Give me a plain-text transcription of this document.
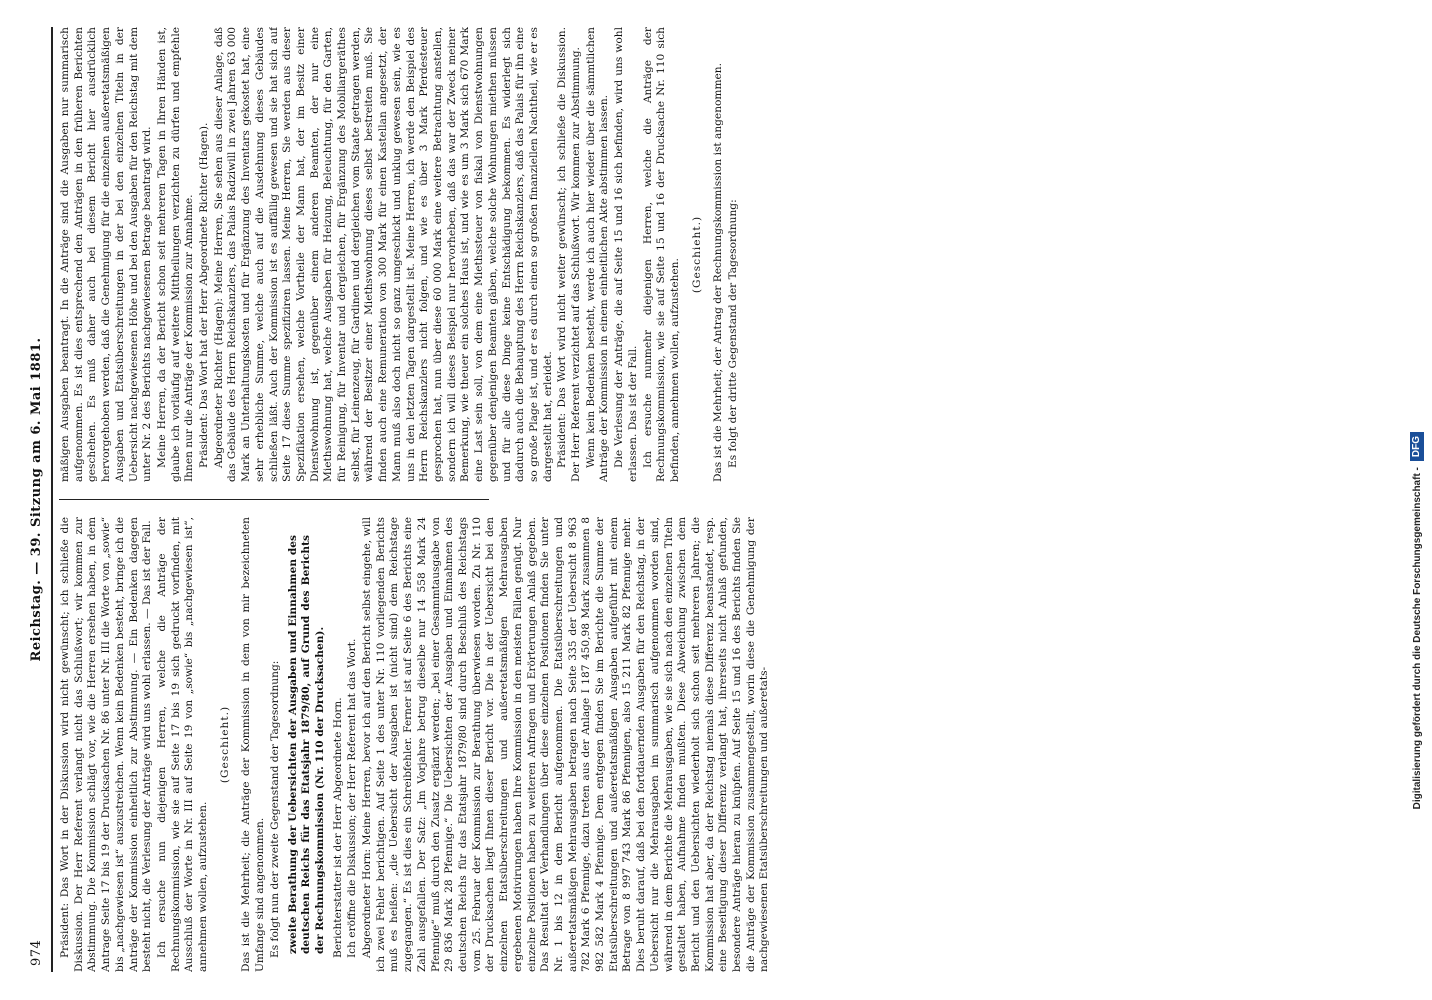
974
Reichstag. — 39. Sitzung am 6. Mai 1881.

Präsident: Das Wort in der Diskussion wird nicht gewünscht; ich schließe die Diskussion. Der Herr Referent verlangt nicht das Schlußwort; wir kommen zur Abstimmung. Die Kommission schlägt vor, wie die Herren ersehen haben, in dem Antrage Seite 17 bis 19 der Drucksachen Nr. 86 unter Nr. III die Worte von „sowie“ bis „nachgewiesen ist“ auszustreichen. Wenn kein Bedenken besteht, bringe ich die Anträge der Kommission einheitlich zur Abstimmung. — Ein Bedenken dagegen besteht nicht, die Verlesung der Anträge wird uns wohl erlassen. — Das ist der Fall. Ich ersuche nun diejenigen Herren, welche die Anträge der Rechnungskommission, wie sie auf Seite 17 bis 19 sich gedruckt vorfinden, mit Ausschluß der Worte in Nr. III auf Seite 19 von „sowie“ bis „nachgewiesen ist“, annehmen wollen, aufzustehen.

(Geschieht.) Das ist die Mehrheit; die Anträge der Kommission in dem von mir bezeichneten Umfange sind angenommen. Es folgt nun der zweite Gegenstand der Tagesordnung: zweite Berathung der Uebersichten der Ausgaben und Einnahmen des deutschen Reichs für das Etatsjahr 1879/80, auf Grund des Berichts der Rechnungskommission (Nr. 110 der Drucksachen). Berichterstatter ist der Herr Abgeordnete Horn. Ich eröffne die Diskussion; der Herr Referent hat das Wort. Abgeordneter Horn: Meine Herren, bevor ich auf den Bericht selbst eingehe, will ich zwei Fehler berichtigen. Auf Seite 1 des unter Nr. 110 vorliegenden Berichts muß es heißen: „die Uebersicht der Ausgaben ist (nicht sind) dem Reichstage zugegangen.“ Es ist dies ein Schreibfehler. Ferner ist auf Seite 6 des Berichts eine Zahl ausgefallen. Der Satz: „Im Vorjahre betrug dieselbe nur 14 558 Mark 24 Pfennige“ muß durch den Zusatz ergänzt werden; „bei einer Gesammtausgabe von 29 836 Mark 28 Pfennige.“ Die Uebersichten der Ausgaben und Einnahmen des deutschen Reichs für das Etatsjahr 1879/80 sind durch Beschluß des Reichstags vom 25. Februar der Kommission zur Berathung überwiesen worden. Zu Nr. 110 der Drucksachen liegt Ihnen dieser Bericht vor. Die in der Uebersicht bei den einzelnen Etatsüberschreitungen und außeretatsmäßigen Mehrausgaben ergebenen Motivirungen haben Ihre Kommission in den meisten Fällen genügt. Nur einzelne Positionen haben zu weiteren Anfragen und Erörterungen Anlaß gegeben. Das Resultat der Verhandlungen über diese einzelnen Positionen finden Sie unter Nr. 1 bis 12 in dem Bericht aufgenommen. Die Etatsüberschreitungen und außeretatsmäßigen Mehrausgaben betragen nach Seite 335 der Uebersicht 8 963 782 Mark 6 Pfennige, dazu treten aus der Anlage I 187 450,98 Mark zusammen 8 982 582 Mark 4 Pfennige. Dem entgegen finden Sie im Berichte die Summe der Etatsüberschreitungen und außeretatsmäßigen Ausgaben aufgeführt mit einem Betrage von 8 997 743 Mark 86 Pfennigen, also 15 211 Mark 82 Pfennige mehr. Dies beruht darauf, daß bei den fortdauernden Ausgaben für den Reichstag, in der Uebersicht nur die Mehrausgaben im summarisch aufgenommen worden sind, während in dem Berichte die Mehrausgaben, wie sie sich nach den einzelnen Titeln gestaltet haben, Aufnahme finden mußten. Diese Abweichung zwischen dem Bericht und den Uebersichten wiederholt sich schon seit mehreren Jahren; die Kommission hat aber, da der Reichstag niemals diese Differenz beanstandet, resp. eine Beseitigung dieser Differenz verlangt hat, ihrerseits nicht Anlaß gefunden, besondere Anträge hieran zu knüpfen. Auf Seite 15 und 16 des Berichts finden Sie die Anträge der Kommission zusammengestellt, worin diese die Genehmigung der nachgewiesenen Etatsüberschreitungen und außeretats-

mäßigen Ausgaben beantragt. In die Anträge sind die Ausgaben nur summarisch aufgenommen. Es ist dies entsprechend den Anträgen in den früheren Berichten geschehen. Es muß daher auch bei diesem Bericht hier ausdrücklich hervorgehoben werden, daß die Genehmigung für die einzelnen außeretatsmäßigen Ausgaben und Etatsüberschreitungen in der bei den einzelnen Titeln in der Uebersicht nachgewiesenen Höhe und bei den Ausgaben für den Reichstag mit dem unter Nr. 2 des Berichts nachgewiesenen Betrage beantragt wird. Meine Herren, da der Bericht schon seit mehreren Tagen in Ihren Händen ist, glaube ich vorläufig auf weitere Mittheilungen verzichten zu dürfen und empfehle Ihnen nur die Anträge der Kommission zur Annahme. Präsident: Das Wort hat der Herr Abgeordnete Richter (Hagen). Abgeordneter Richter (Hagen): Meine Herren, Sie sehen aus dieser Anlage, daß das Gebäude des Herrn Reichskanzlers, das Palais Radziwill in zwei Jahren 63 000 Mark an Unterhaltungskosten und für Ergänzung des Inventars gekostet hat, eine sehr erhebliche Summe, welche auch auf die Ausdehnung dieses Gebäudes schließen läßt. Auch der Kommission ist es auffällig gewesen und sie hat sich auf Seite 17 diese Summe spezifiziren lassen. Meine Herren, Sie werden aus dieser Spezifikation ersehen, welche Vortheile der Mann hat, der im Besitz einer Dienstwohnung ist, gegenüber einem anderen Beamten, der nur eine Miethswohnung hat, welche Ausgaben für Heizung, Beleuchtung, für den Garten, für Reinigung, für Inventar und dergleichen, für Ergänzung des Mobiliargeräthes selbst, für Leinenzeug, für Gardinen und dergleichen vom Staate getragen werden, während der Besitzer einer Miethswohnung dieses selbst bestreiten muß. Sie finden auch eine Remuneration von 300 Mark für einen Kastellan angesetzt, der Mann muß also doch nicht so ganz umgeschickt und unklug gewesen sein, wie es uns in den letzten Tagen dargestellt ist. Meine Herren, ich werde den Beispiel des Herrn Reichskanzlers nicht folgen, und wie es über 3 Mark Pferdesteuer gesprochen hat, nun über diese 60 000 Mark eine weitere Betrachtung anstellen, sondern ich will dieses Beispiel nur hervorheben, daß das war der Zweck meiner Bemerkung, wie theuer ein solches Haus ist, und wie es um 3 Mark sich 670 Mark eine Last sein soll, von dem eine Miethssteuer von fiskal von Dienstwohnungen gegenüber denjenigen Beamten gäben, welche solche Wohnungen miethen müssen und für alle diese Dinge keine Entschädigung bekommen. Es widerlegt sich dadurch auch die Behauptung des Herrn Reichskanzlers, daß das Palais für ihn eine so große Plage ist, und er es durch einen so großen finanziellen Nachtheil, wie er es dargestellt hat, erleidet. Präsident: Das Wort wird nicht weiter gewünscht; ich schließe die Diskussion. Der Herr Referent verzichtet auf das Schlußwort. Wir kommen zur Abstimmung. Wenn kein Bedenken besteht, werde ich auch hier wieder über die sämmtlichen Anträge der Kommission in einem einheitlichen Akte abstimmen lassen. Die Verlesung der Anträge, die auf Seite 15 und 16 sich befinden, wird uns wohl erlassen. Das ist der Fall. Ich ersuche nunmehr diejenigen Herren, welche die Anträge der Rechnungskommission, wie sie auf Seite 15 und 16 der Drucksache Nr. 110 sich befinden, annehmen wollen, aufzustehen.

(Geschieht.) Das ist die Mehrheit; der Antrag der Rechnungskommission ist angenommen. Es folgt der dritte Gegenstand der Tagesordnung:

Digitalisierung gefördert durch die Deutsche Forschungsgemeinschaft -DFG
